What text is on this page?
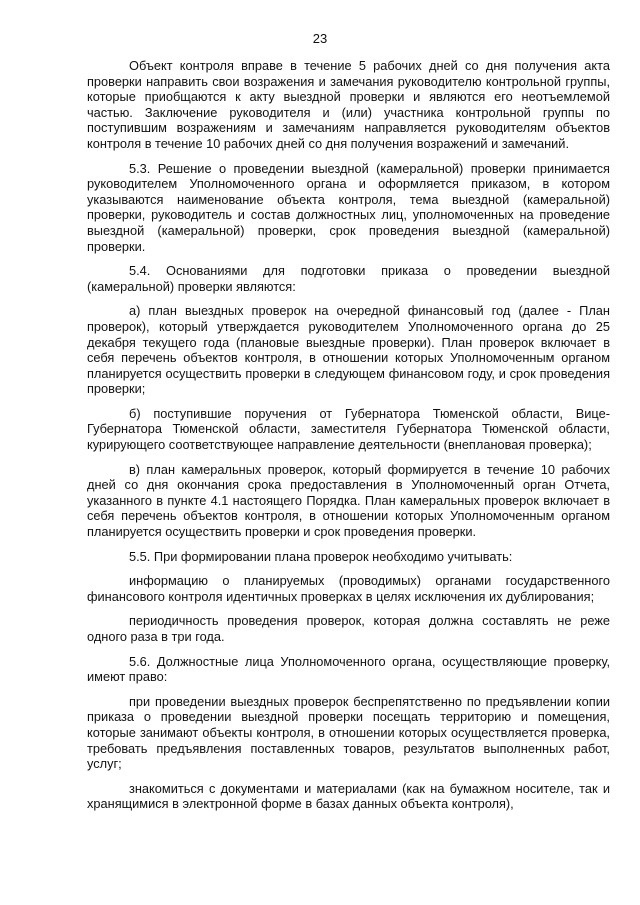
23

Объект контроля вправе в течение 5 рабочих дней со дня получения акта проверки направить свои возражения и замечания руководителю контрольной группы, которые приобщаются к акту выездной проверки и являются его неотъемлемой частью. Заключение руководителя и (или) участника контрольной группы по поступившим возражениям и замечаниям направляется руководителям объектов контроля в течение 10 рабочих дней со дня получения возражений и замечаний.

5.3. Решение о проведении выездной (камеральной) проверки принимается руководителем Уполномоченного органа и оформляется приказом, в котором указываются наименование объекта контроля, тема выездной (камеральной) проверки, руководитель и состав должностных лиц, уполномоченных на проведение выездной (камеральной) проверки, срок проведения выездной (камеральной) проверки.

5.4. Основаниями для подготовки приказа о проведении выездной (камеральной) проверки являются:

а) план выездных проверок на очередной финансовый год (далее - План проверок), который утверждается руководителем Уполномоченного органа до 25 декабря текущего года (плановые выездные проверки). План проверок включает в себя перечень объектов контроля, в отношении которых Уполномоченным органом планируется осуществить проверки в следующем финансовом году, и срок проведения проверки;

б) поступившие поручения от Губернатора Тюменской области, Вице-Губернатора Тюменской области, заместителя Губернатора Тюменской области, курирующего соответствующее направление деятельности (внеплановая проверка);

в) план камеральных проверок, который формируется в течение 10 рабочих дней со дня окончания срока предоставления в Уполномоченный орган Отчета, указанного в пункте 4.1 настоящего Порядка. План камеральных проверок включает в себя перечень объектов контроля, в отношении которых Уполномоченным органом планируется осуществить проверки и срок проведения проверки.

5.5. При формировании плана проверок необходимо учитывать:

информацию о планируемых (проводимых) органами государственного финансового контроля идентичных проверках в целях исключения их дублирования;

периодичность проведения проверок, которая должна составлять не реже одного раза в три года.

5.6. Должностные лица Уполномоченного органа, осуществляющие проверку, имеют право:

при проведении выездных проверок беспрепятственно по предъявлении копии приказа о проведении выездной проверки посещать территорию и помещения, которые занимают объекты контроля, в отношении которых осуществляется проверка, требовать предъявления поставленных товаров, результатов выполненных работ, услуг;

знакомиться с документами и материалами (как на бумажном носителе, так и хранящимися в электронной форме в базах данных объекта контроля),
